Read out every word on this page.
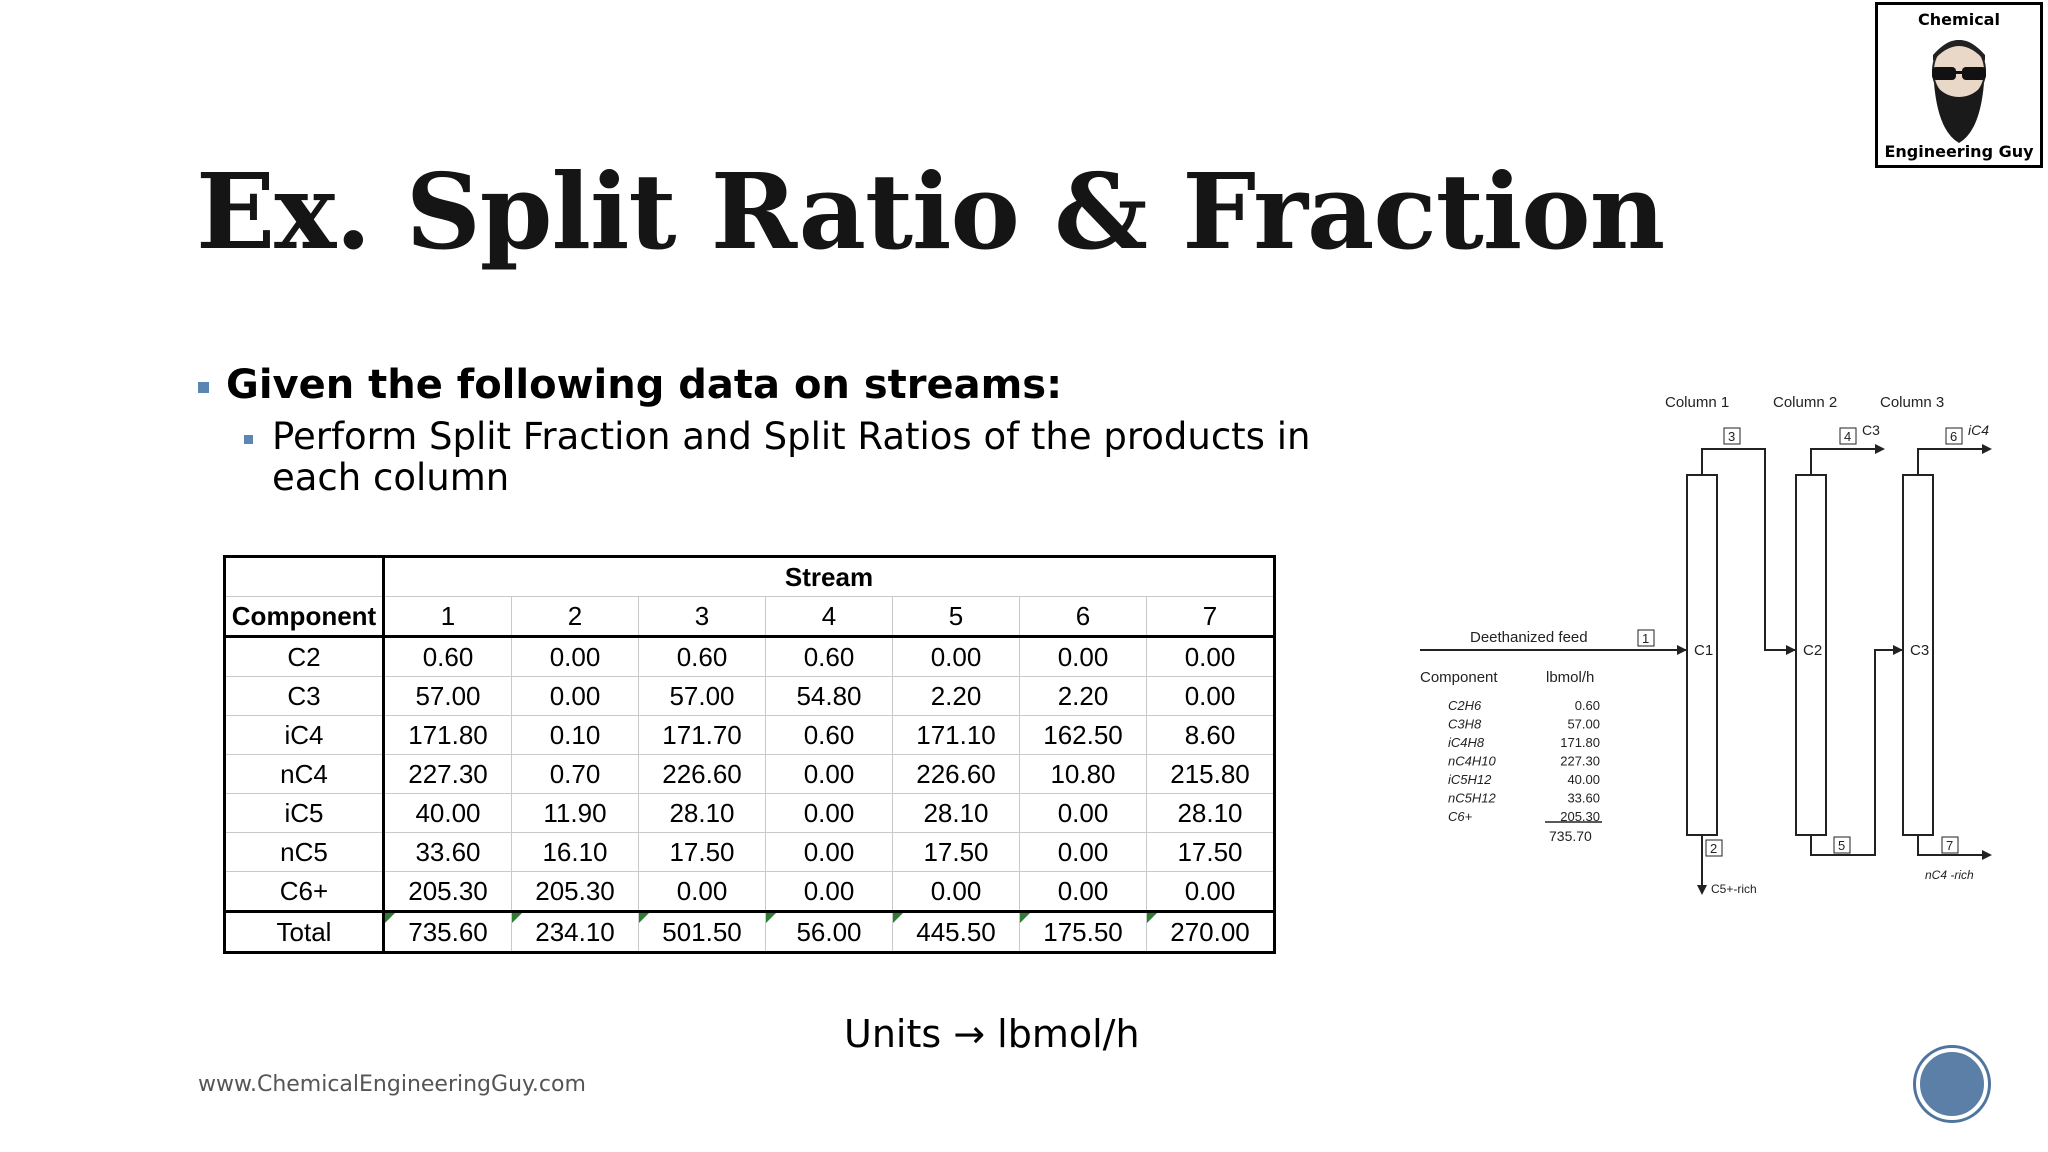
Chemical
Engineering Guy
Ex. Split Ratio & Fraction
Given the following data on streams:
Perform Split Fraction and Split Ratios of the products in each column
	Stream						
Component	1	2	3	4	5	6	7
C2	0.60	0.00	0.60	0.60	0.00	0.00	0.00
C3	57.00	0.00	57.00	54.80	2.20	2.20	0.00
iC4	171.80	0.10	171.70	0.60	171.10	162.50	8.60
nC4	227.30	0.70	226.60	0.00	226.60	10.80	215.80
iC5	40.00	11.90	28.10	0.00	28.10	0.00	28.10
nC5	33.60	16.10	17.50	0.00	17.50	0.00	17.50
C6+	205.30	205.30	0.00	0.00	0.00	0.00	0.00
Total	735.60	234.10	501.50	56.00	445.50	175.50	270.00
Units → lbmol/h
www.ChemicalEngineeringGuy.com
Column 1	Column 2	Column 3
C1	C2	C3
Deethanized feed	1
3
2
C5+-rich
4 C3
5
6 iC4
7
nC4 -rich
Component	lbmol/h
C2H6	0.60
C3H8	57.00
iC4H8	171.80
nC4H10	227.30
iC5H12	40.00
nC5H12	33.60
C6+	205.30
735.70
